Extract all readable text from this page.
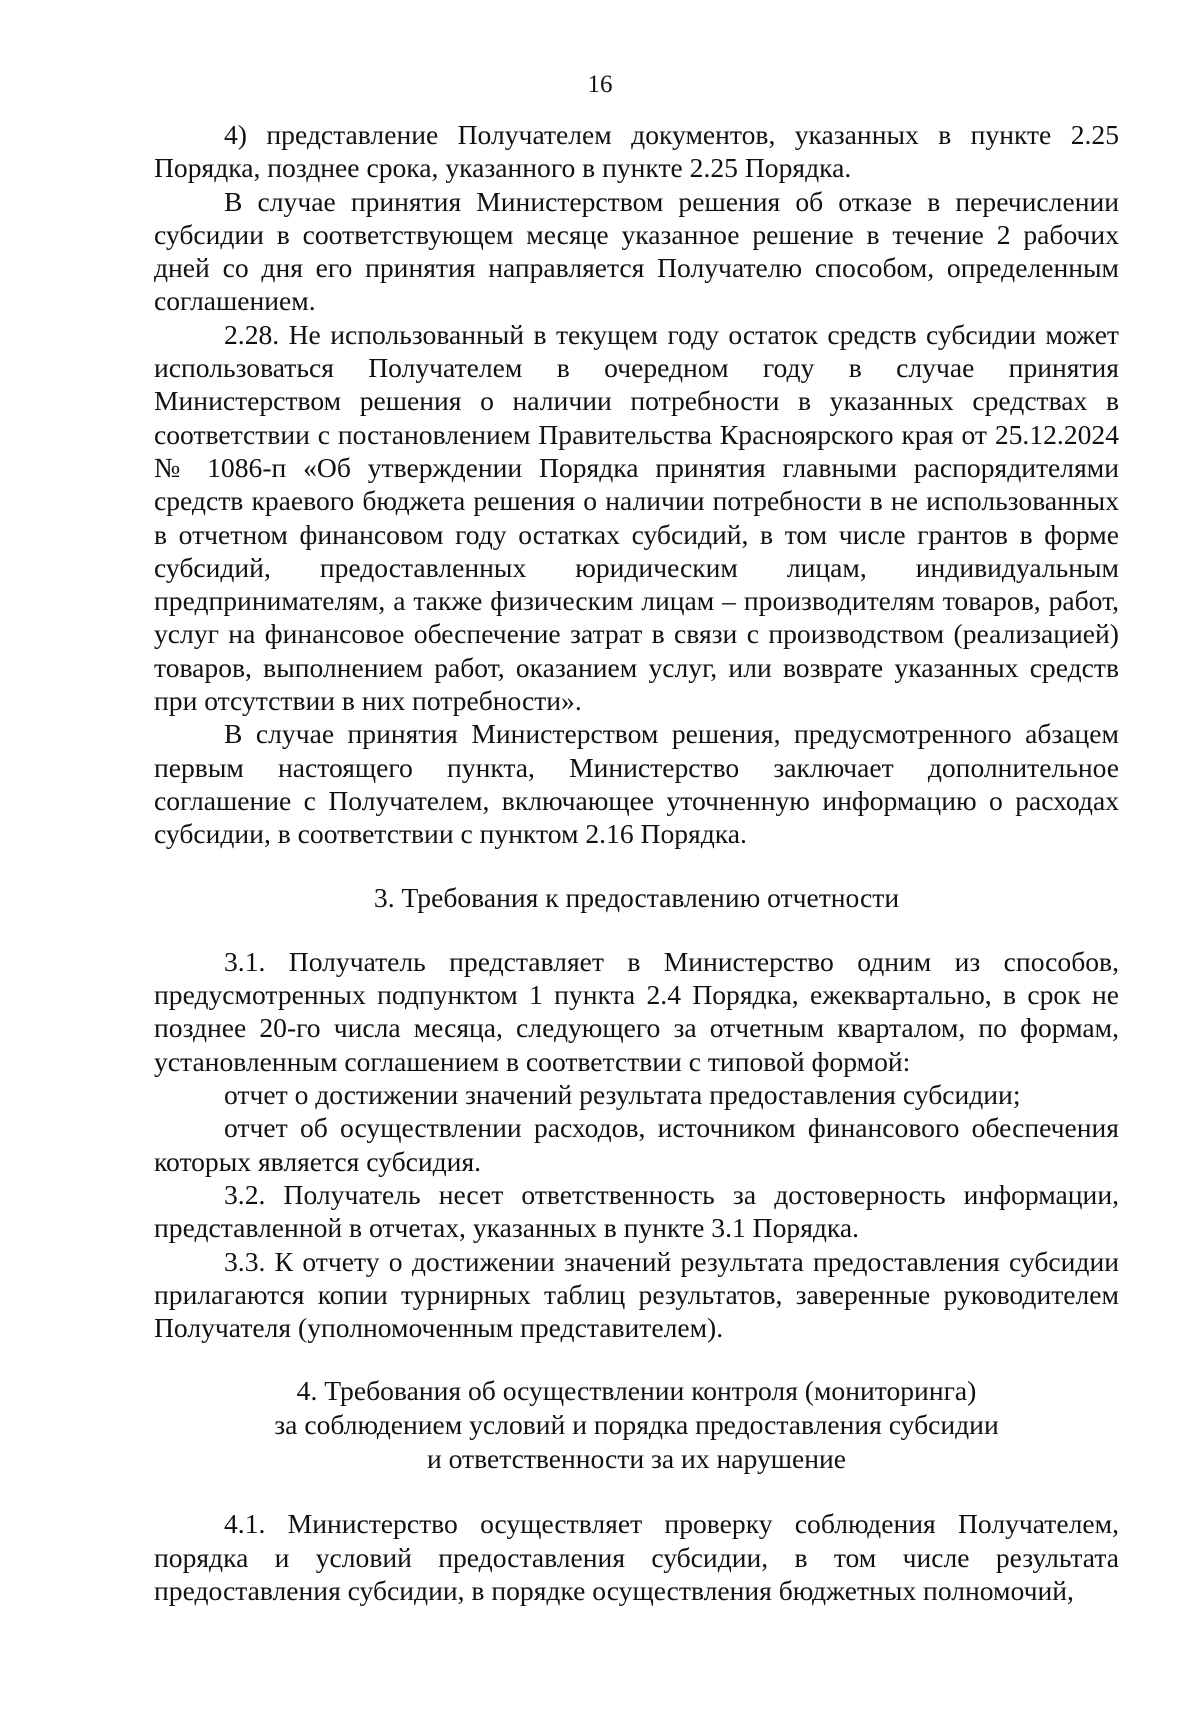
16

4) представление Получателем документов, указанных в пункте 2.25 Порядка, позднее срока, указанного в пункте 2.25 Порядка.

В случае принятия Министерством решения об отказе в перечислении субсидии в соответствующем месяце указанное решение в течение 2 рабочих дней со дня его принятия направляется Получателю способом, определенным соглашением.

2.28. Не использованный в текущем году остаток средств субсидии может использоваться Получателем в очередном году в случае принятия Министерством решения о наличии потребности в указанных средствах в соответствии с постановлением Правительства Красноярского края от 25.12.2024 № 1086-п «Об утверждении Порядка принятия главными распорядителями средств краевого бюджета решения о наличии потребности в не использованных в отчетном финансовом году остатках субсидий, в том числе грантов в форме субсидий, предоставленных юридическим лицам, индивидуальным предпринимателям, а также физическим лицам – производителям товаров, работ, услуг на финансовое обеспечение затрат в связи с производством (реализацией) товаров, выполнением работ, оказанием услуг, или возврате указанных средств при отсутствии в них потребности».

В случае принятия Министерством решения, предусмотренного абзацем первым настоящего пункта, Министерство заключает дополнительное соглашение с Получателем, включающее уточненную информацию о расходах субсидии, в соответствии с пунктом 2.16 Порядка.

3. Требования к предоставлению отчетности

3.1. Получатель представляет в Министерство одним из способов, предусмотренных подпунктом 1 пункта 2.4 Порядка, ежеквартально, в срок не позднее 20-го числа месяца, следующего за отчетным кварталом, по формам, установленным соглашением в соответствии с типовой формой:

отчет о достижении значений результата предоставления субсидии;

отчет об осуществлении расходов, источником финансового обеспечения которых является субсидия.

3.2. Получатель несет ответственность за достоверность информации, представленной в отчетах, указанных в пункте 3.1 Порядка.

3.3. К отчету о достижении значений результата предоставления субсидии прилагаются копии турнирных таблиц результатов, заверенные руководителем Получателя (уполномоченным представителем).

4. Требования об осуществлении контроля (мониторинга)
за соблюдением условий и порядка предоставления субсидии
и ответственности за их нарушение

4.1. Министерство осуществляет проверку соблюдения Получателем, порядка и условий предоставления субсидии, в том числе результата предоставления субсидии, в порядке осуществления бюджетных полномочий,
